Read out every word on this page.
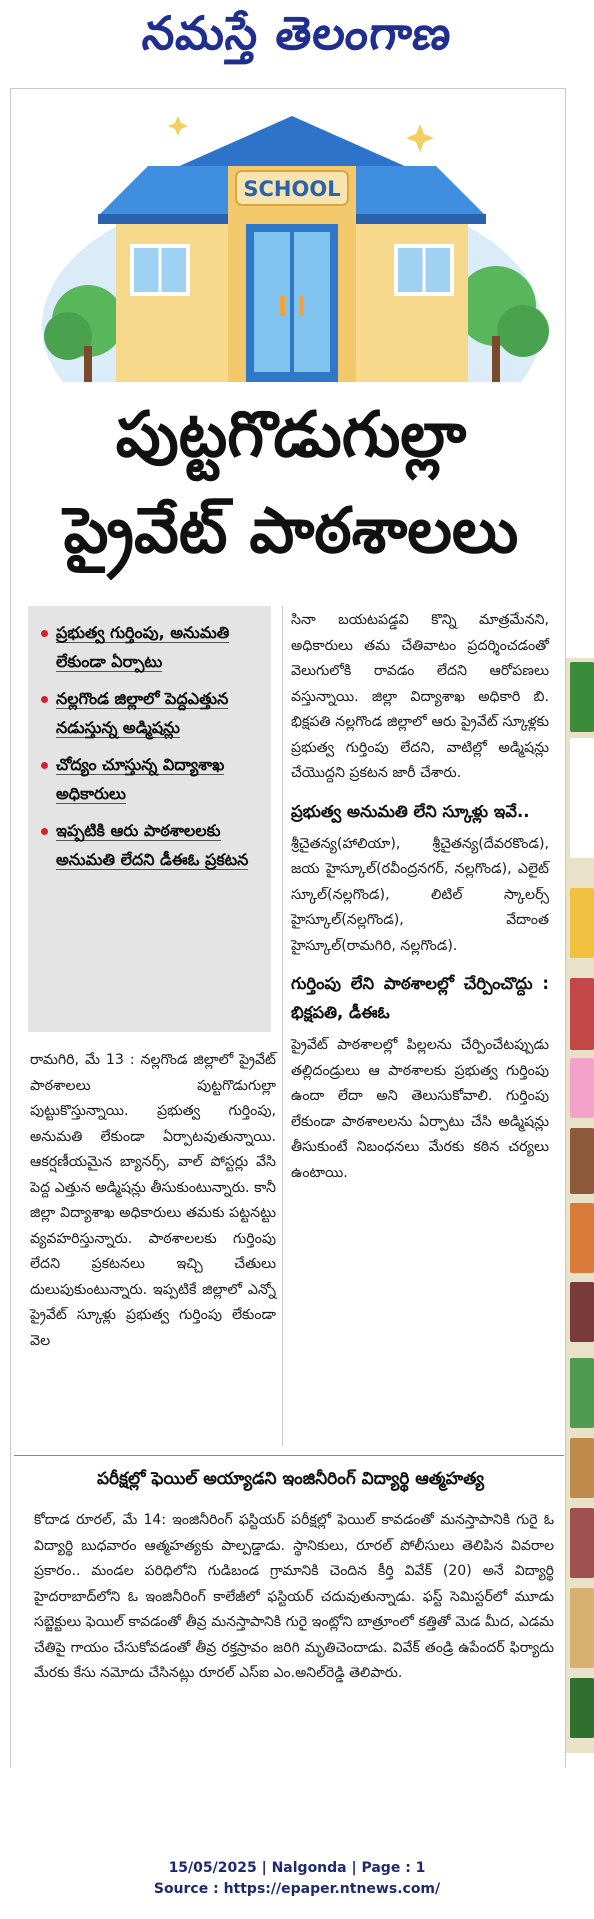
నమస్తే తెలంగాణ
SCHOOL
పుట్టగొడుగుల్లా
ప్రైవేట్ పాఠశాలలు
ప్రభుత్వ గుర్తింపు, అనుమతి లేకుండా ఏర్పాటు
నల్లగొండ జిల్లాలో పెద్దఎత్తున నడుస్తున్న అడ్మిషన్లు
చోద్యం చూస్తున్న విద్యాశాఖ అధికారులు
ఇప్పటికి ఆరు పాఠశాలలకు అనుమతి లేదని డీఈఓ ప్రకటన

సినా బయటపడ్డవి కొన్ని మాత్రమేనని, అధికారులు తమ చేతివాటం ప్రదర్శించడంతో వెలుగులోకి రావడం లేదని ఆరోపణలు వస్తున్నాయి. జిల్లా విద్యాశాఖ అధికారి బి. భిక్షపతి నల్లగొండ జిల్లాలో ఆరు ప్రైవేట్ స్కూళ్లకు ప్రభుత్వ గుర్తింపు లేదని, వాటిల్లో అడ్మిషన్లు చేయొద్దని ప్రకటన జారీ చేశారు.

ప్రభుత్వ అనుమతి లేని స్కూళ్లు ఇవే..

శ్రీచైతన్య(హాలియా), శ్రీచైతన్య(దేవరకొండ), జయ హైస్కూల్(రవీంద్రనగర్, నల్లగొండ), ఎలైట్ స్కూల్(నల్లగొండ), లిటిల్ స్కాలర్స్ హైస్కూల్(నల్లగొండ), వేదాంత హైస్కూల్(రామగిరి, నల్లగొండ).

గుర్తింపు లేని పాఠశాలల్లో చేర్పించొద్దు : భిక్షపతి, డీఈఓ

ప్రైవేట్ పాఠశాలల్లో పిల్లలను చేర్పించేటప్పుడు తల్లిదండ్రులు ఆ పాఠశాలకు ప్రభుత్వ గుర్తింపు ఉందా లేదా అని తెలుసుకోవాలి. గుర్తింపు లేకుండా పాఠశాలలను ఏర్పాటు చేసి అడ్మిషన్లు తీసుకుంటే నిబంధనలు మేరకు కఠిన చర్యలు ఉంటాయి.

రామగిరి, మే 13 : నల్లగొండ జిల్లాలో ప్రైవేట్ పాఠశాలలు పుట్టగొడుగుల్లా పుట్టుకొస్తున్నాయి. ప్రభుత్వ గుర్తింపు, అనుమతి లేకుండా ఏర్పాటవుతున్నాయి. ఆకర్షణీయమైన బ్యానర్స్, వాల్ పోస్టర్లు వేసి పెద్ద ఎత్తున అడ్మిషన్లు తీసుకుంటున్నారు. కానీ జిల్లా విద్యాశాఖ అధికారులు తమకు పట్టనట్టు వ్యవహరిస్తున్నారు. పాఠశాలలకు గుర్తింపు లేదని ప్రకటనలు ఇచ్చి చేతులు దులుపుకుంటున్నారు. ఇప్పటికే జిల్లాలో ఎన్నో ప్రైవేట్ స్కూళ్లు ప్రభుత్వ గుర్తింపు లేకుండా వెల

పరీక్షల్లో ఫెయిల్ అయ్యాడని ఇంజినీరింగ్ విద్యార్థి ఆత్మహత్య
కోదాడ రూరల్, మే 14: ఇంజినీరింగ్ ఫస్టియర్ పరీక్షల్లో ఫెయిల్ కావడంతో మనస్తాపానికి గురై ఓ విద్యార్థి బుధవారం ఆత్మహత్యకు పాల్పడ్డాడు. స్థానికులు, రూరల్ పోలీసులు తెలిపిన వివరాల ప్రకారం.. మండల పరిధిలోని గుడిబండ గ్రామానికి చెందిన కీర్తి వివేక్ (20) అనే విద్యార్థి హైదరాబాద్‌లోని ఓ ఇంజినీరింగ్ కాలేజీలో ఫస్టియర్ చదువుతున్నాడు. ఫస్ట్ సెమిస్టర్‌లో మూడు సబ్జెక్టులు ఫెయిల్ కావడంతో తీవ్ర మనస్తాపానికి గురై ఇంట్లోని బాత్రూంలో కత్తితో మెడ మీద, ఎడమ చేతిపై గాయం చేసుకోవడంతో తీవ్ర రక్తస్రావం జరిగి మృతిచెందాడు. వివేక్ తండ్రి ఉపేందర్ ఫిర్యాదు మేరకు కేసు నమోదు చేసినట్లు రూరల్ ఎస్ఐ ఎం.అనిల్‌రెడ్డి తెలిపారు.
15/05/2025 | Nalgonda | Page : 1
Source : https://epaper.ntnews.com/
